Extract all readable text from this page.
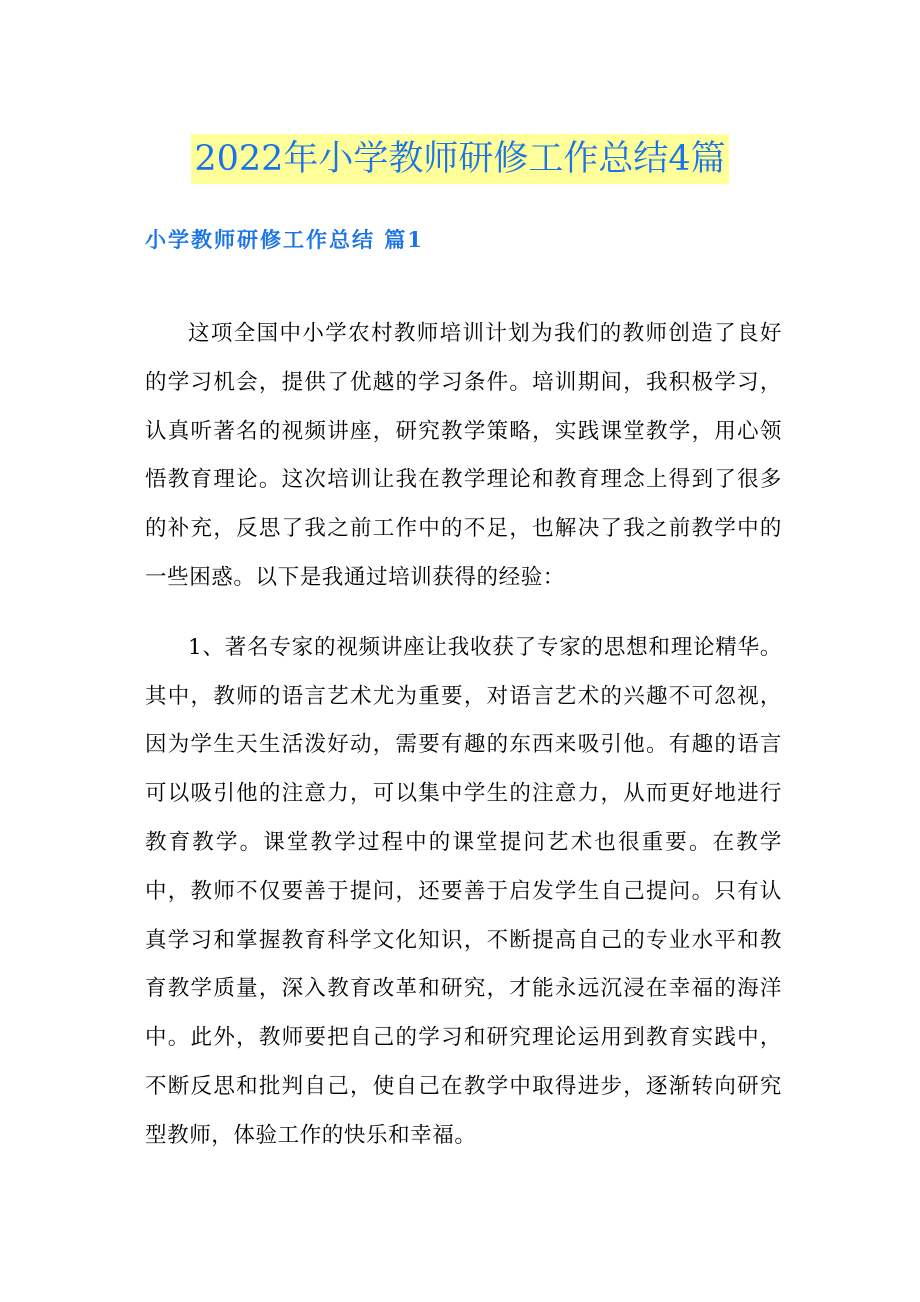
2022年小学教师研修工作总结4篇
小学教师研修工作总结 篇1

这项全国中小学农村教师培训计划为我们的教师创造了良好的学习机会，提供了优越的学习条件。培训期间，我积极学习，认真听著名的视频讲座，研究教学策略，实践课堂教学，用心领悟教育理论。这次培训让我在教学理论和教育理念上得到了很多的补充，反思了我之前工作中的不足，也解决了我之前教学中的一些困惑。以下是我通过培训获得的经验：

1、著名专家的视频讲座让我收获了专家的思想和理论精华。其中，教师的语言艺术尤为重要，对语言艺术的兴趣不可忽视，因为学生天生活泼好动，需要有趣的东西来吸引他。有趣的语言可以吸引他的注意力，可以集中学生的注意力，从而更好地进行教育教学。课堂教学过程中的课堂提问艺术也很重要。在教学中，教师不仅要善于提问，还要善于启发学生自己提问。只有认真学习和掌握教育科学文化知识，不断提高自己的专业水平和教育教学质量，深入教育改革和研究，才能永远沉浸在幸福的海洋中。此外，教师要把自己的学习和研究理论运用到教育实践中，不断反思和批判自己，使自己在教学中取得进步，逐渐转向研究型教师，体验工作的快乐和幸福。
